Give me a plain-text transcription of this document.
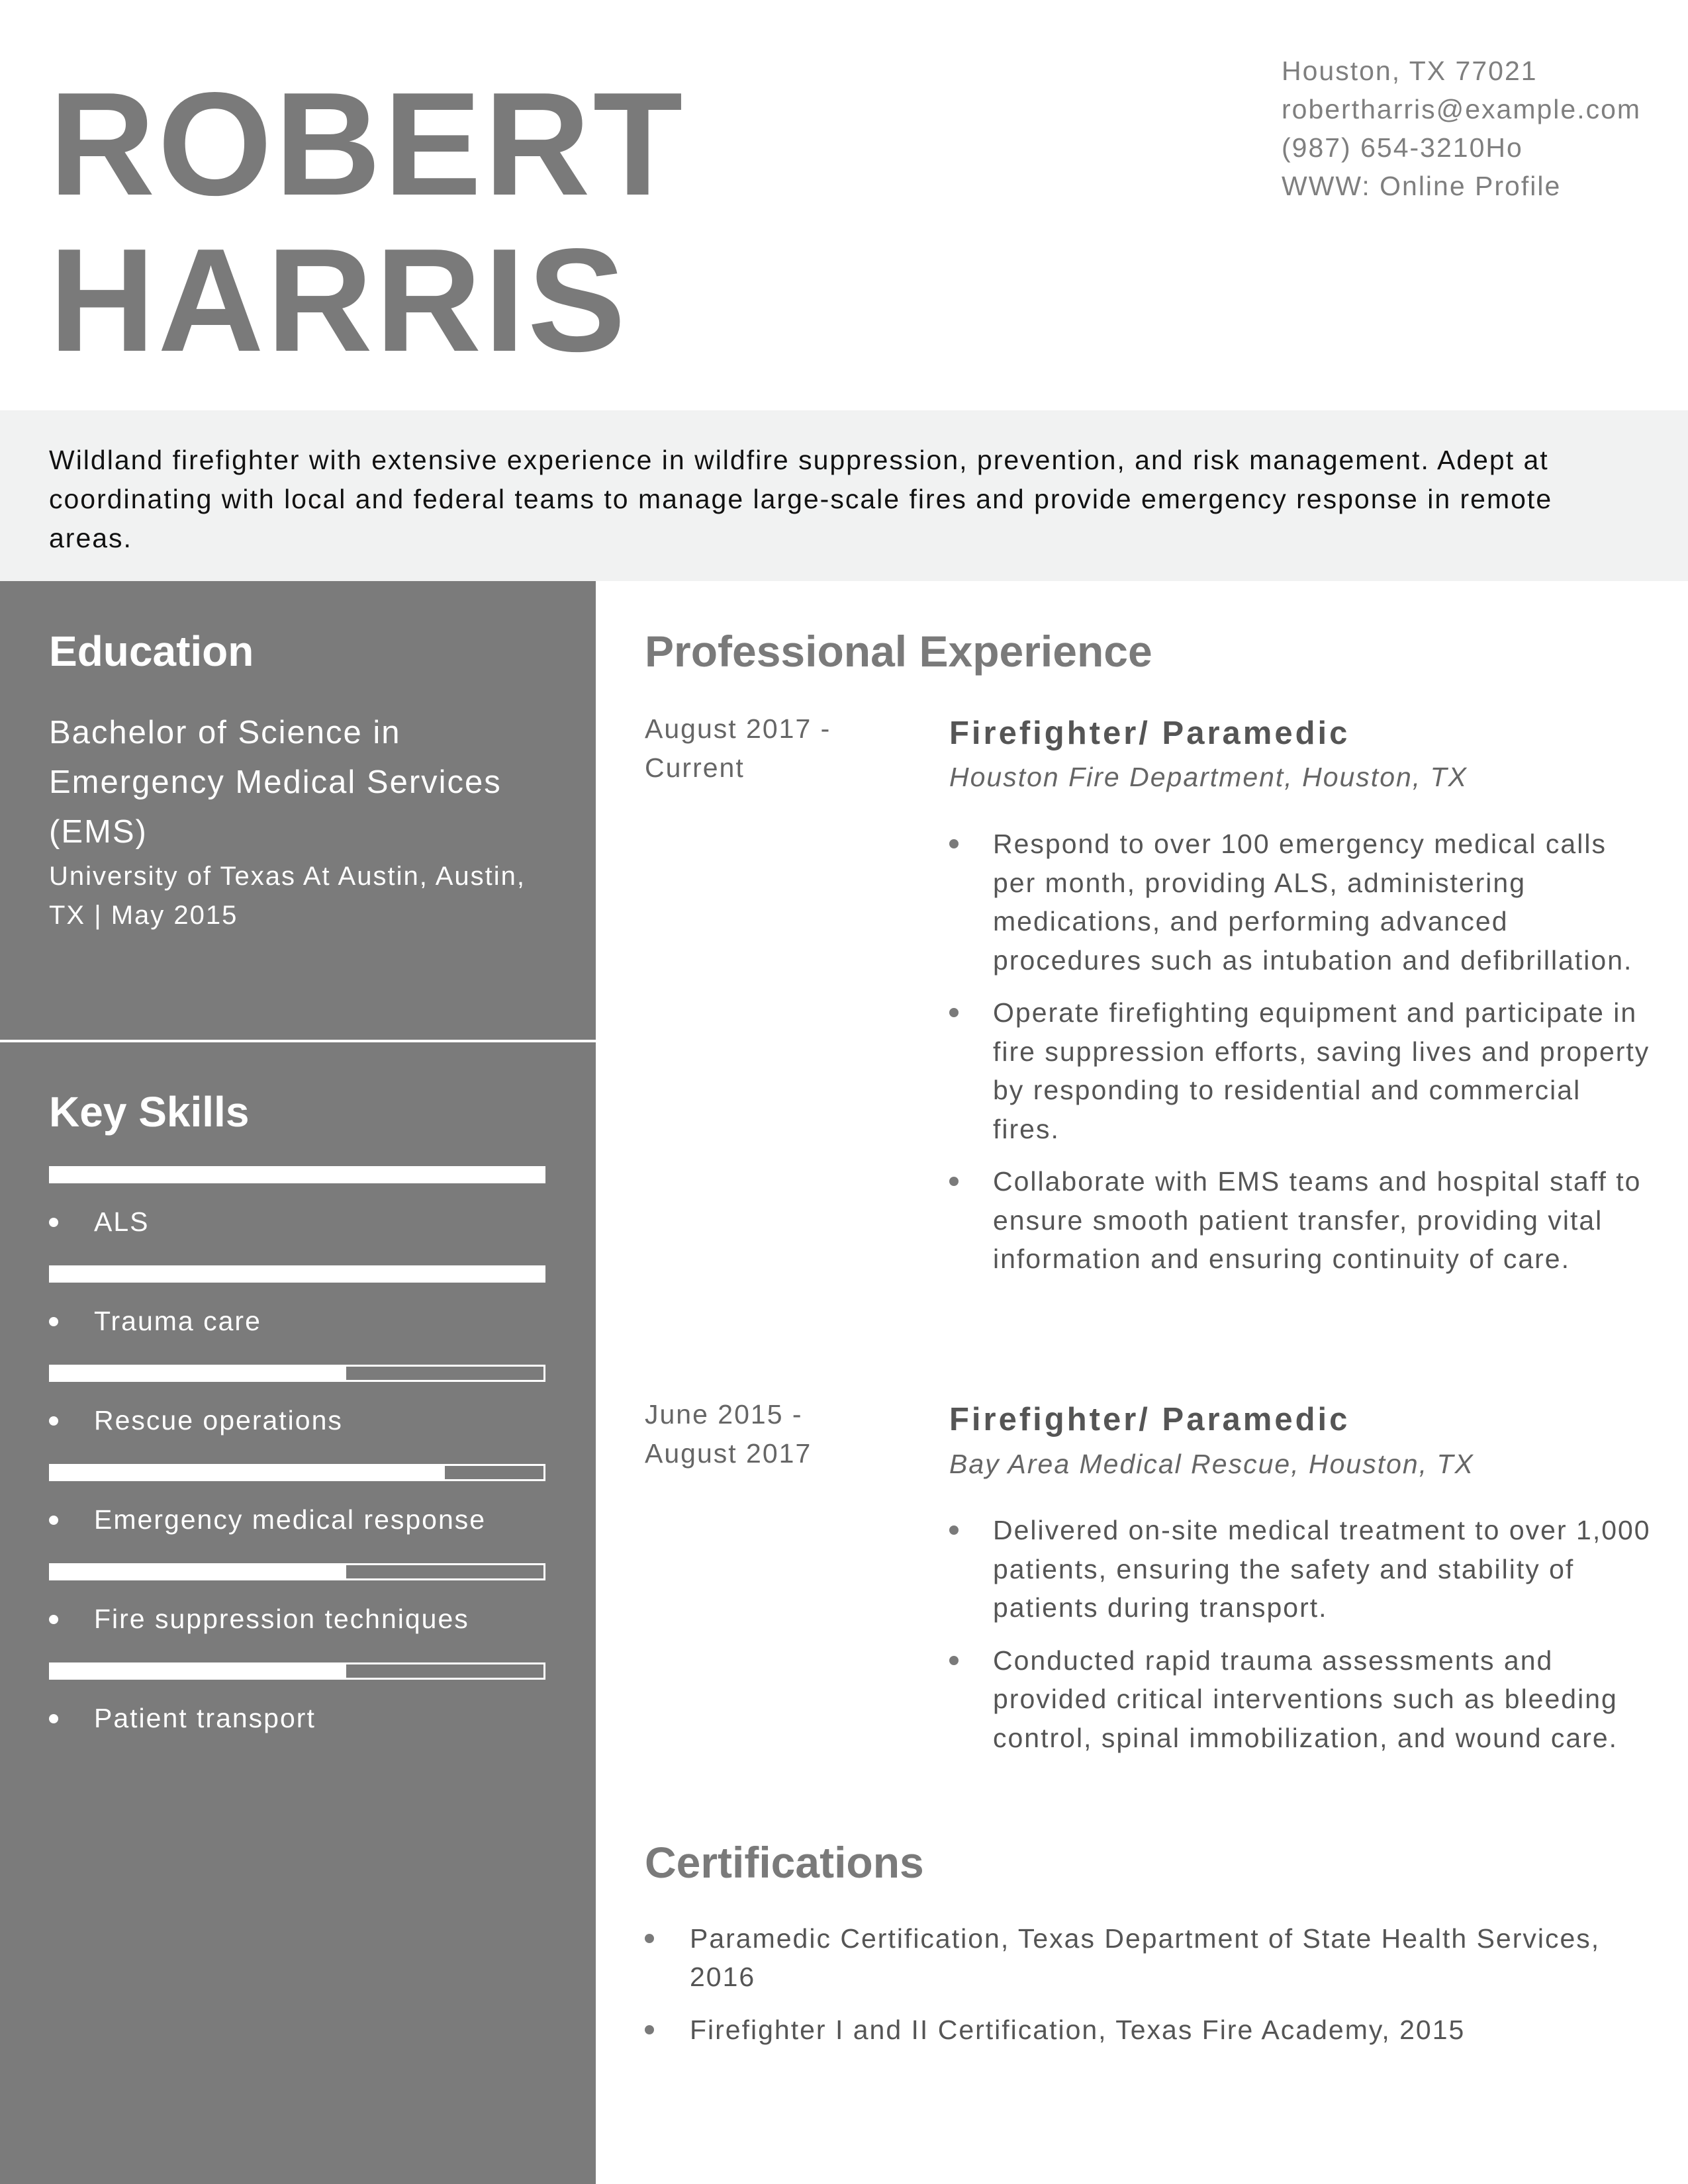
ROBERT
HARRIS
Houston, TX 77021
robertharris@example.com
(987) 654-3210Ho
WWW: Online Profile
Wildland firefighter with extensive experience in wildfire suppression, prevention, and risk management. Adept at coordinating with local and federal teams to manage large-scale fires and provide emergency response in remote areas.
Education
Bachelor of Science in Emergency Medical Services (EMS)
University of Texas At Austin, Austin, TX | May 2015
Key Skills
ALS
Trauma care
Rescue operations
Emergency medical response
Fire suppression techniques
Patient transport
Professional Experience
August 2017 - Current
Firefighter/ Paramedic
Houston Fire Department, Houston, TX
Respond to over 100 emergency medical calls per month, providing ALS, administering medications, and performing advanced procedures such as intubation and defibrillation.
Operate firefighting equipment and participate in fire suppression efforts, saving lives and property by responding to residential and commercial fires.
Collaborate with EMS teams and hospital staff to ensure smooth patient transfer, providing vital information and ensuring continuity of care.
June 2015 - August 2017
Firefighter/ Paramedic
Bay Area Medical Rescue, Houston, TX
Delivered on-site medical treatment to over 1,000 patients, ensuring the safety and stability of patients during transport.
Conducted rapid trauma assessments and provided critical interventions such as bleeding control, spinal immobilization, and wound care.
Certifications
Paramedic Certification, Texas Department of State Health Services, 2016
Firefighter I and II Certification, Texas Fire Academy, 2015
